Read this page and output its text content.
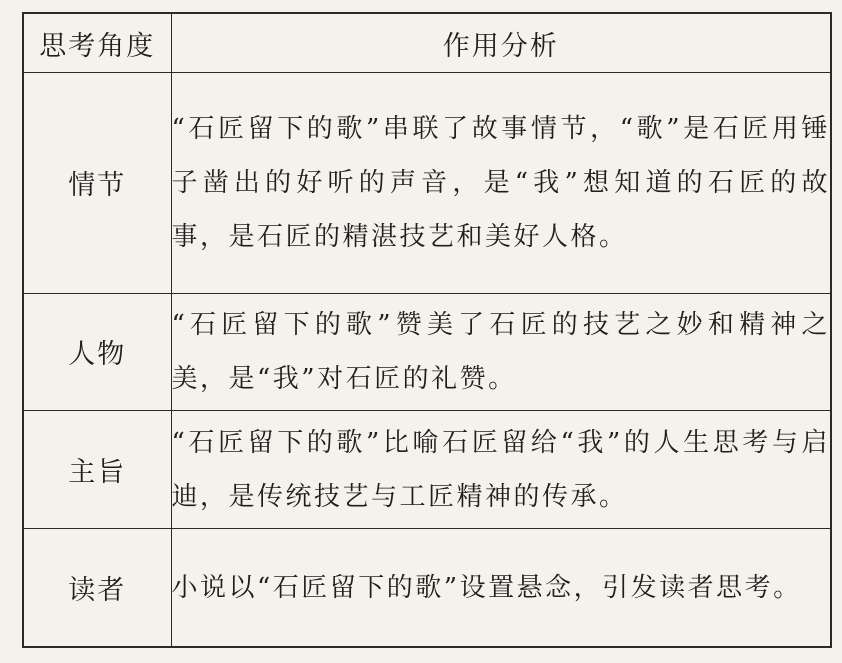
思考角度	作用分析
情节	“石匠留下的歌”串联了故事情节，“歌”是石匠用锤子凿出的好听的声音，是“我”想知道的石匠的故事，是石匠的精湛技艺和美好人格。
人物	“石匠留下的歌”赞美了石匠的技艺之妙和精神之美，是“我”对石匠的礼赞。
主旨	“石匠留下的歌”比喻石匠留给“我”的人生思考与启迪，是传统技艺与工匠精神的传承。
读者	小说以“石匠留下的歌”设置悬念，引发读者思考。
